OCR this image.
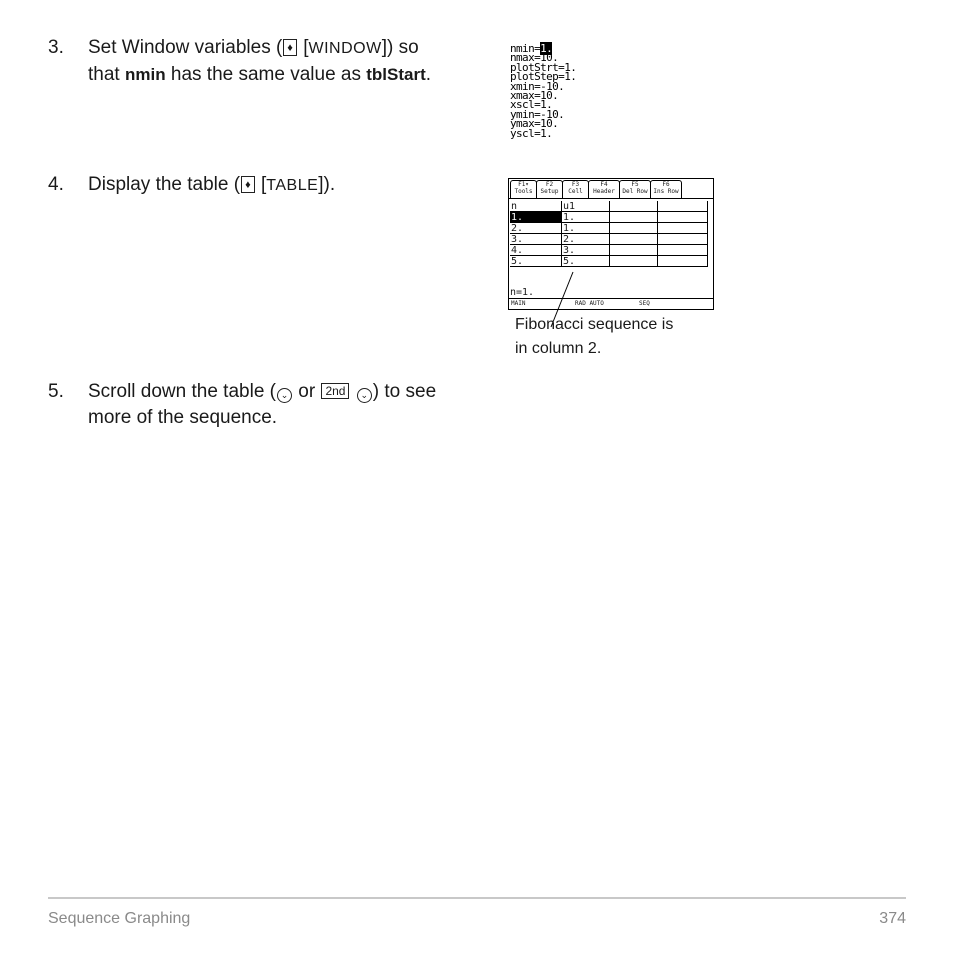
3. Set Window variables ( ♦ [WINDOW]) so
that nmin has the same value as tblStart.
nmin=1.
nmax=10.
plotStrt=1.
plotStep=1.
xmin=-10.
xmax=10.
xscl=1.
ymin=-10.
ymax=10.
yscl=1.
4. Display the table ( ♦ [TABLE]).	F1▾
Tools
F2
Setup
F3
Cell
F4
Header
F5
Del Row
F6
Ins Row
n	u1
1.	1.
2.	1.
3.	2.
4.	3.
5.	5.
n=1.
MAIN	RAD AUTO	SEQ
Fibonacci sequence is
in column 2.
5. Scroll down the table ( ⌄ or 2nd ⌄ ) to see
more of the sequence.
Sequence Graphing	374
